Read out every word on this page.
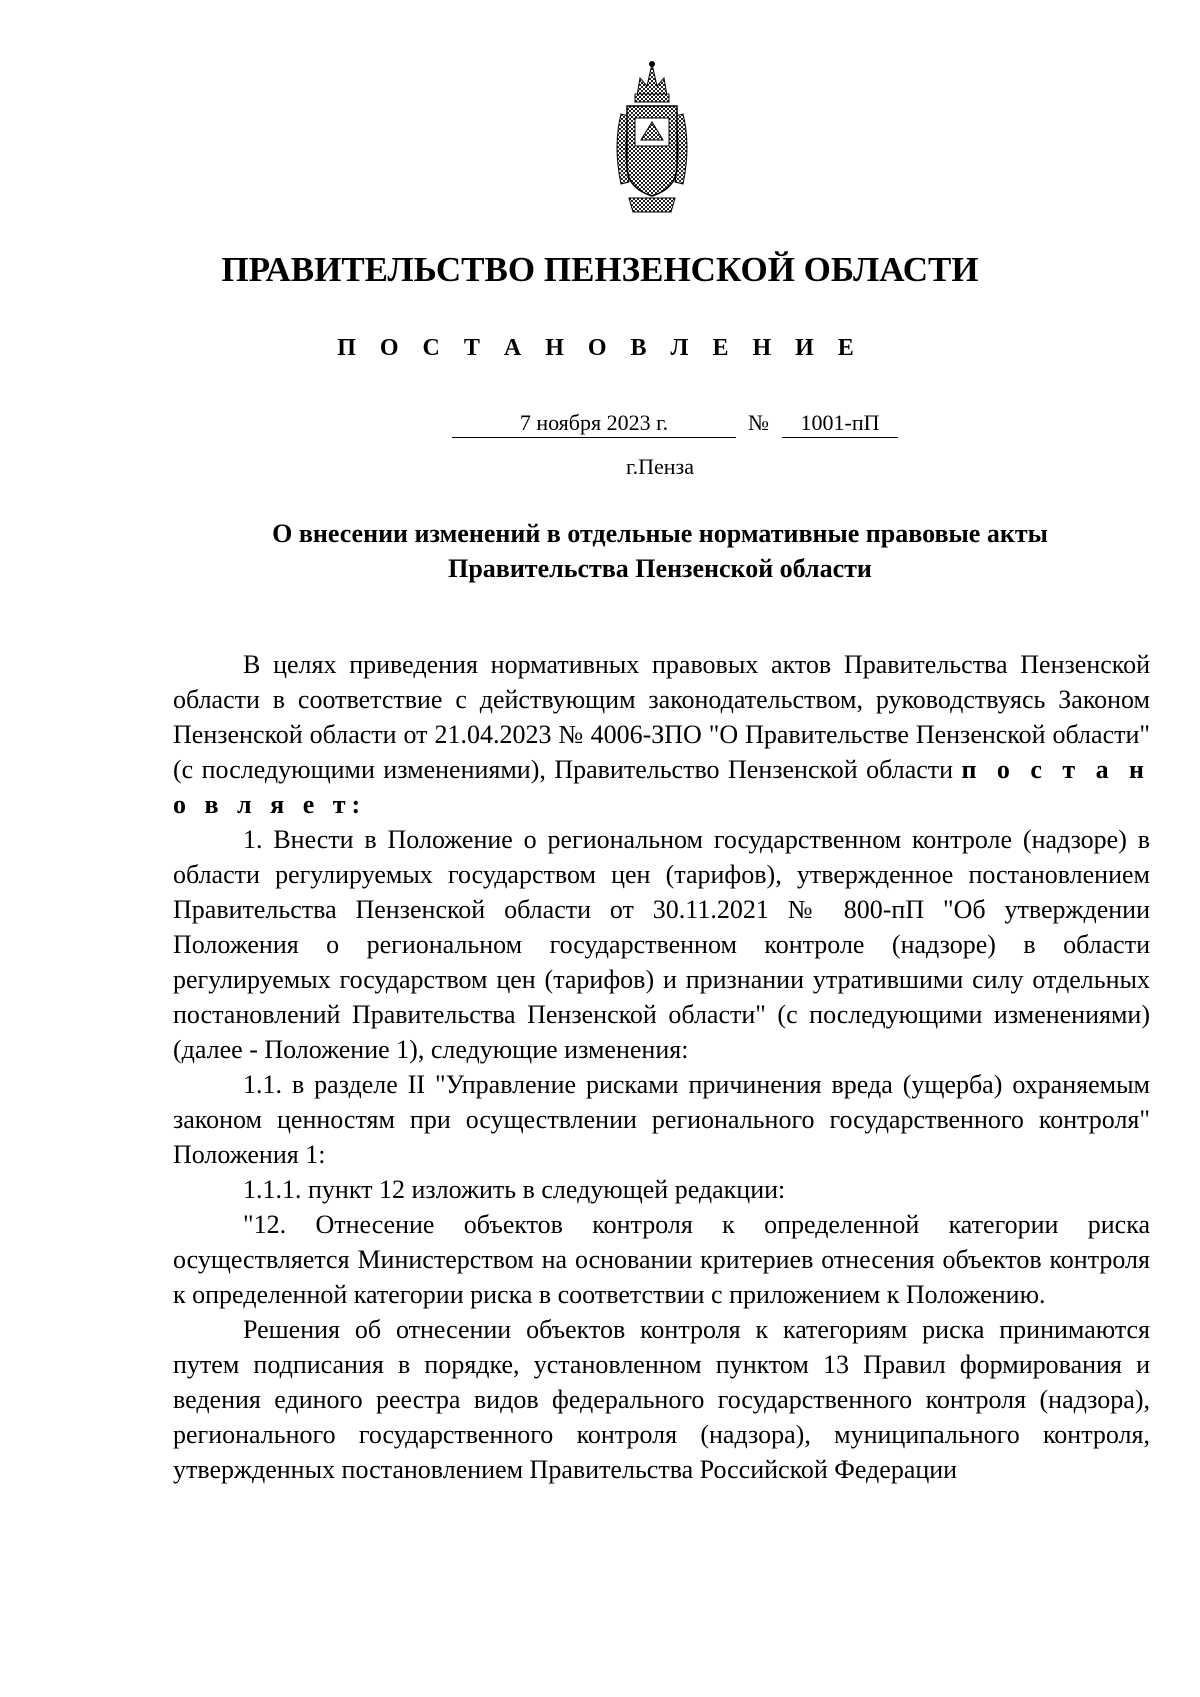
ПРАВИТЕЛЬСТВО ПЕНЗЕНСКОЙ ОБЛАСТИ
П О С Т А Н О В Л Е Н И Е
7 ноября 2023 г.	№	1001-пП
г.Пенза
О внесении изменений в отдельные нормативные правовые акты
Правительства Пензенской области

В целях приведения нормативных правовых актов Правительства Пензенской области в соответствие с действующим законодательством, руководствуясь Законом Пензенской области от 21.04.2023 № 4006-ЗПО "О Правительстве Пензенской области" (с последующими изменениями), Правительство Пензенской области п о с т а н о в л я е т:

1. Внести в Положение о региональном государственном контроле (надзоре) в области регулируемых государством цен (тарифов), утвержденное постановлением Правительства Пензенской области от 30.11.2021 № 800-пП "Об утверждении Положения о региональном государственном контроле (надзоре) в области регулируемых государством цен (тарифов) и признании утратившими силу отдельных постановлений Правительства Пензенской области" (с последующими изменениями) (далее - Положение 1), следующие изменения:

1.1. в разделе II "Управление рисками причинения вреда (ущерба) охраняемым законом ценностям при осуществлении регионального государственного контроля" Положения 1:

1.1.1. пункт 12 изложить в следующей редакции:

"12. Отнесение объектов контроля к определенной категории риска осуществляется Министерством на основании критериев отнесения объектов контроля к определенной категории риска в соответствии с приложением к Положению.

Решения об отнесении объектов контроля к категориям риска принимаются путем подписания в порядке, установленном пунктом 13 Правил формирования и ведения единого реестра видов федерального государственного контроля (надзора), регионального государственного контроля (надзора), муниципального контроля, утвержденных постановлением Правительства Российской Федерации
